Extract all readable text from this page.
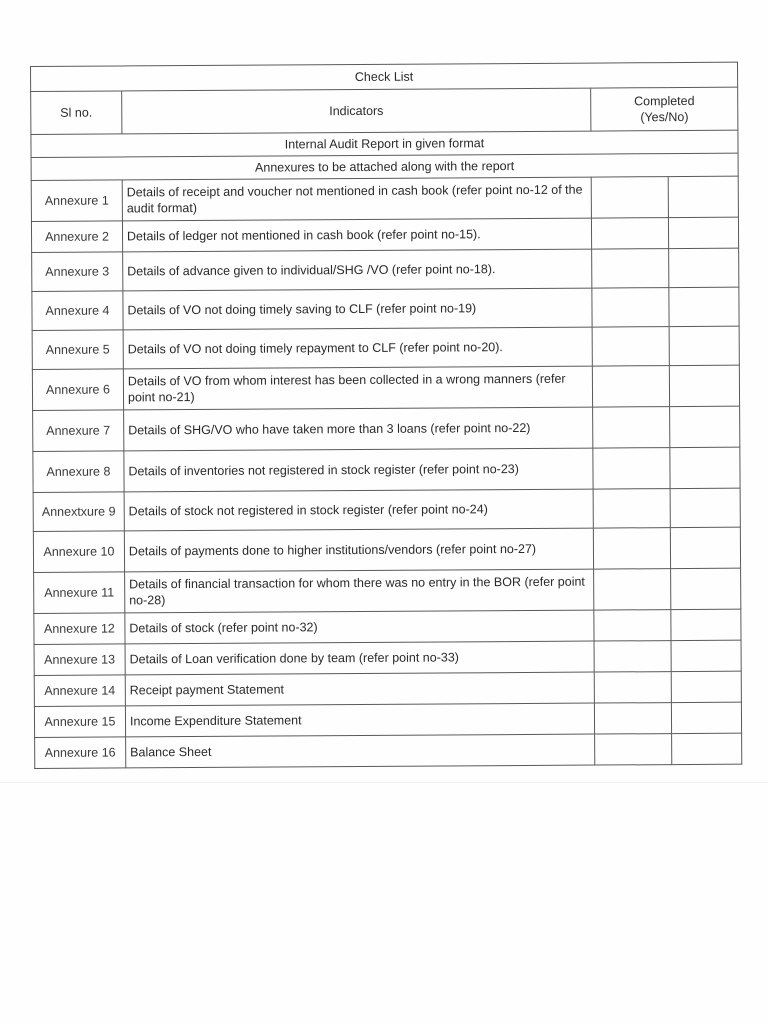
Check List			
Sl no.	Indicators	Completed
(Yes/No)	

Internal Audit Report in given format			
Annexures to be attached along with the report			
Annexure 1	Details of receipt and voucher not mentioned in cash book (refer point no-12 of the audit format)		
Annexure 2	Details of ledger not mentioned in cash book (refer point no-15).		
Annexure 3	Details of advance given to individual/SHG /VO (refer point no-18).		
Annexure 4	Details of VO not doing timely saving to CLF (refer point no-19)		
Annexure 5	Details of VO not doing timely repayment to CLF (refer point no-20).		
Annexure 6	Details of VO from whom interest has been collected in a wrong manners (refer point no-21)		
Annexure 7	Details of SHG/VO who have taken more than 3 loans (refer point no-22)		
Annexure 8	Details of inventories not registered in stock register (refer point no-23)		
Annextxure 9	Details of stock not registered in stock register (refer point no-24)		
Annexure 10	Details of payments done to higher institutions/vendors (refer point no-27)		
Annexure 11	Details of financial transaction for whom there was no entry in the BOR (refer point no-28)		
Annexure 12	Details of stock (refer point no-32)		
Annexure 13	Details of Loan verification done by team (refer point no-33)		
Annexure 14	Receipt payment Statement		
Annexure 15	Income Expenditure Statement		
Annexure 16	Balance Sheet		
